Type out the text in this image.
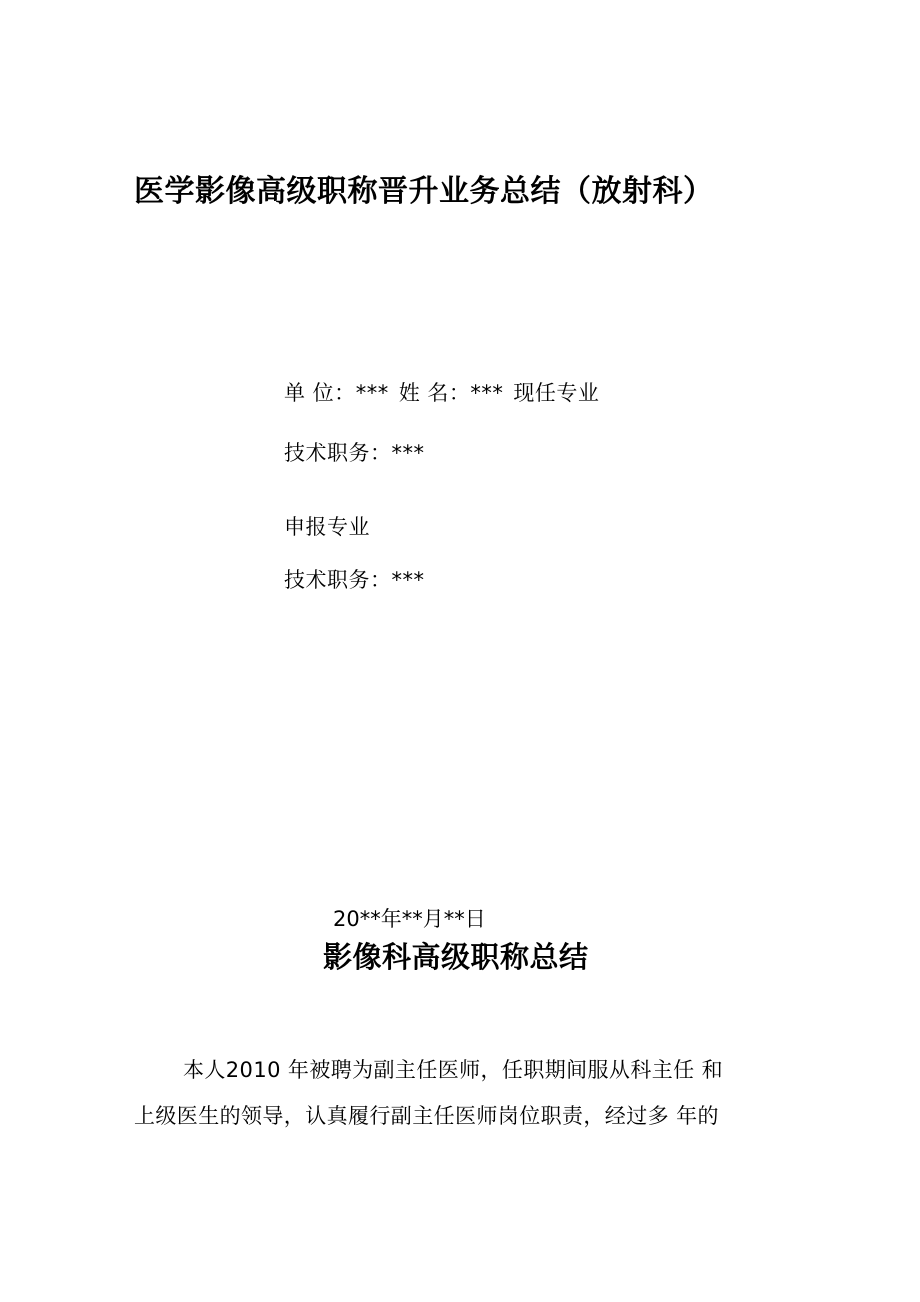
医学影像高级职称晋升业务总结（放射科）
单 位：*** 姓 名：*** 现任专业
技术职务：***
申报专业
技术职务：***
20**年**月**日
影像科高级职称总结
本人2010 年被聘为副主任医师，任职期间服从科主任 和
上级医生的领导，认真履行副主任医师岗位职责，经过多 年的
